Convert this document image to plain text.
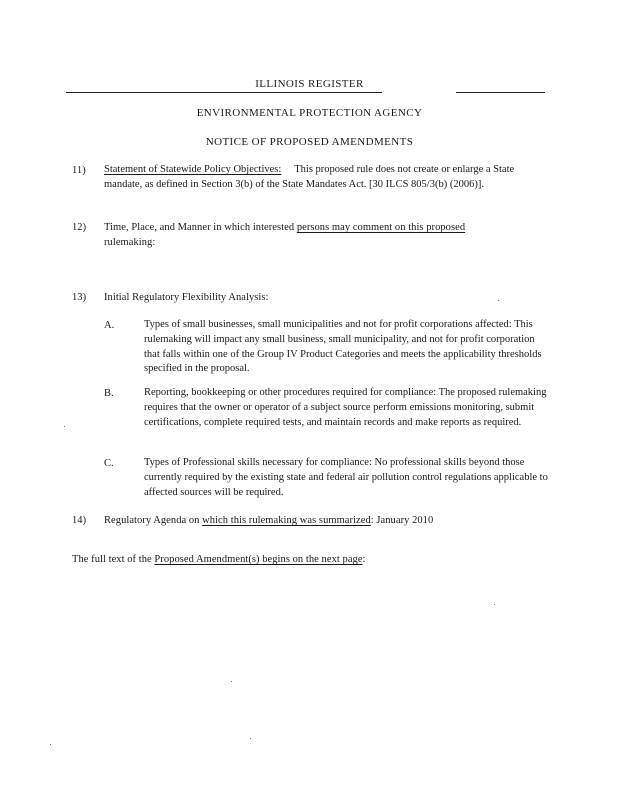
ILLINOIS REGISTER
ENVIRONMENTAL PROTECTION AGENCY
NOTICE OF PROPOSED AMENDMENTS
11) Statement of Statewide Policy Objectives: This proposed rule does not create or enlarge a State mandate, as defined in Section 3(b) of the State Mandates Act. [30 ILCS 805/3(b) (2006)].
12) Time, Place, and Manner in which interested persons may comment on this proposed
rulemaking:
13) Initial Regulatory Flexibility Analysis:
A.	Types of small businesses, small municipalities and not for profit corporations affected: This rulemaking will impact any small business, small municipality, and not for profit corporation that falls within one of the Group IV Product Categories and meets the applicability thresholds specified in the proposal.
B.	Reporting, bookkeeping or other procedures required for compliance: The proposed rulemaking requires that the owner or operator of a subject source perform emissions monitoring, submit certifications, complete required tests, and maintain records and make reports as required.
C.	Types of Professional skills necessary for compliance: No professional skills beyond those currently required by the existing state and federal air pollution control regulations applicable to affected sources will be required.
14) Regulatory Agenda on which this rulemaking was summarized: January 2010
The full text of the Proposed Amendment(s) begins on the next page:
